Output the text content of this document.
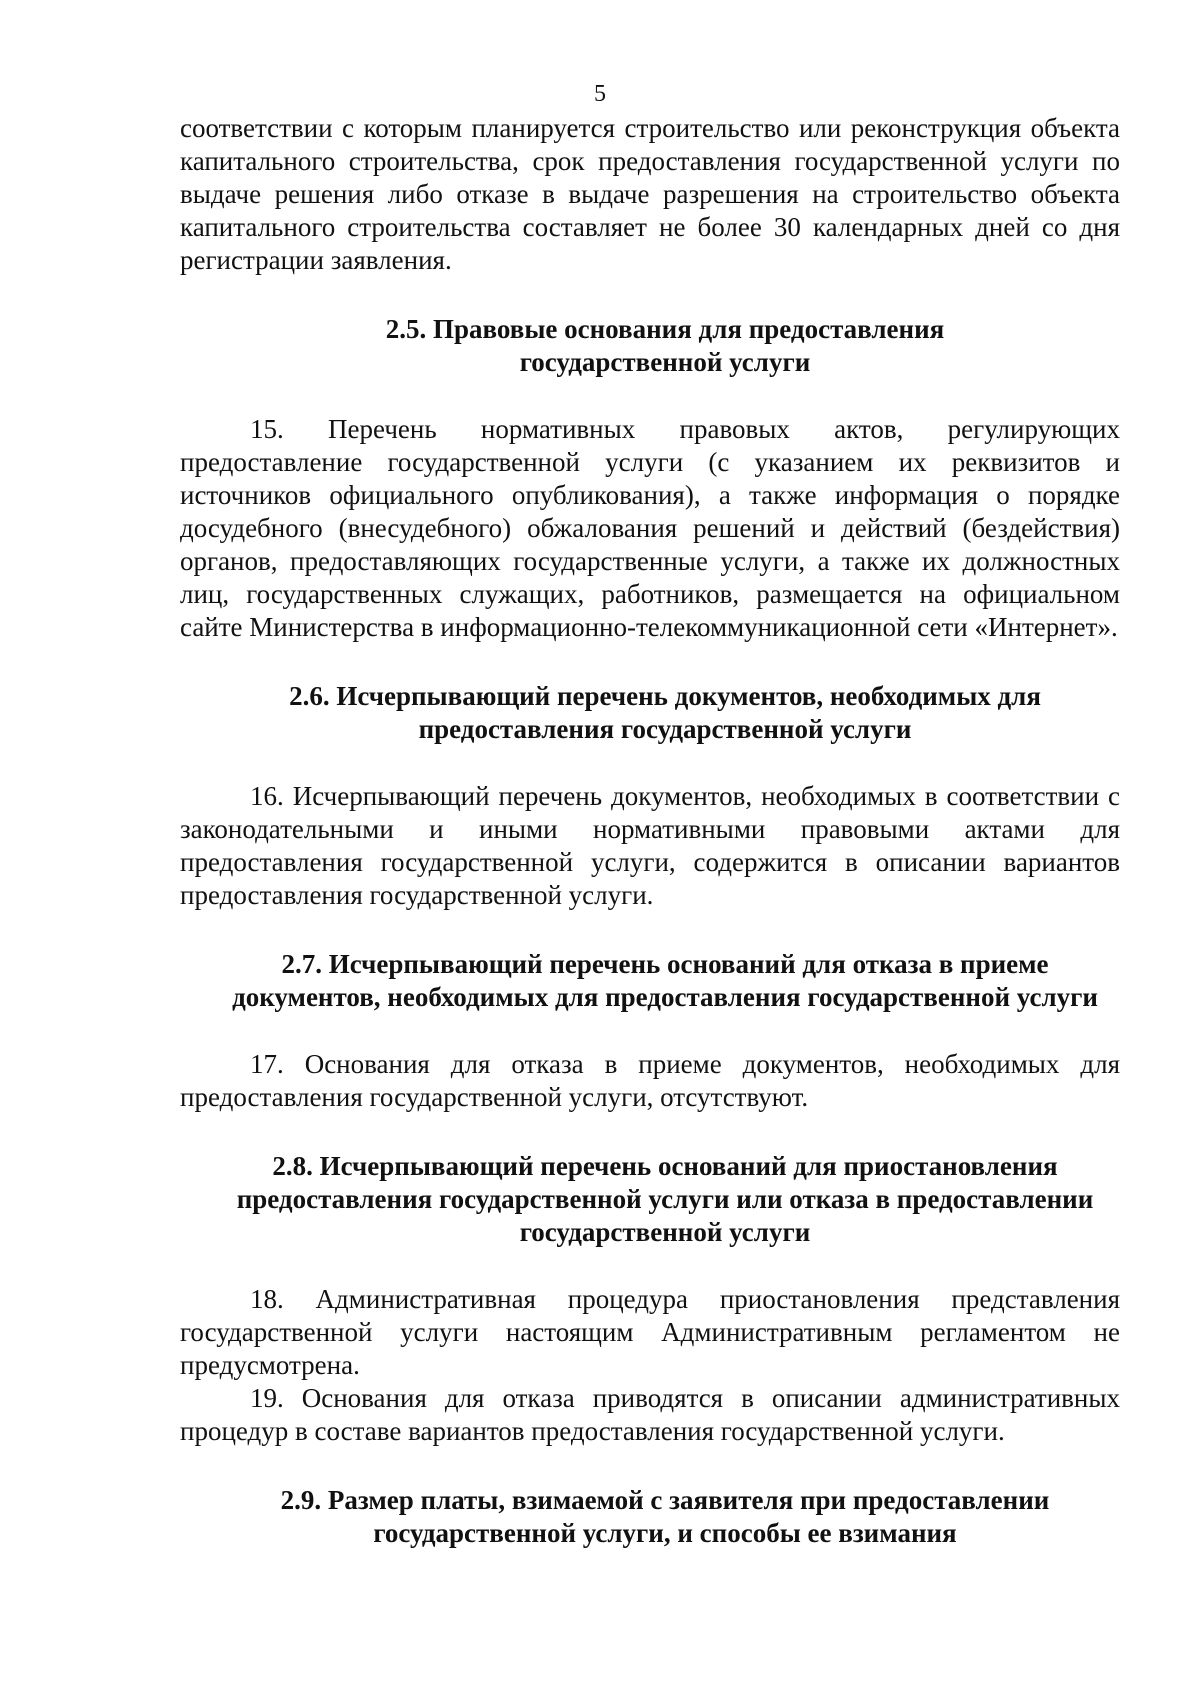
5

соответствии с которым планируется строительство или реконструкция объекта капитального строительства, срок предоставления государственной услуги по выдаче решения либо отказе в выдаче разрешения на строительство объекта капитального строительства составляет не более 30 календарных дней со дня регистрации заявления.

2.5. Правовые основания для предоставления
государственной услуги

15. Перечень нормативных правовых актов, регулирующих предоставление государственной услуги (с указанием их реквизитов и источников официального опубликования), а также информация о порядке досудебного (внесудебного) обжалования решений и действий (бездействия) органов, предоставляющих государственные услуги, а также их должностных лиц, государственных служащих, работников, размещается на официальном сайте Министерства в информационно-телекоммуникационной сети «Интернет».

2.6. Исчерпывающий перечень документов, необходимых для
предоставления государственной услуги

16. Исчерпывающий перечень документов, необходимых в соответствии с законодательными и иными нормативными правовыми актами для предоставления государственной услуги, содержится в описании вариантов предоставления государственной услуги.

2.7. Исчерпывающий перечень оснований для отказа в приеме
документов, необходимых для предоставления государственной услуги

17. Основания для отказа в приеме документов, необходимых для предоставления государственной услуги, отсутствуют.

2.8. Исчерпывающий перечень оснований для приостановления
предоставления государственной услуги или отказа в предоставлении
государственной услуги

18. Административная процедура приостановления представления государственной услуги настоящим Административным регламентом не предусмотрена.

19. Основания для отказа приводятся в описании административных процедур в составе вариантов предоставления государственной услуги.

2.9. Размер платы, взимаемой с заявителя при предоставлении
государственной услуги, и способы ее взимания
